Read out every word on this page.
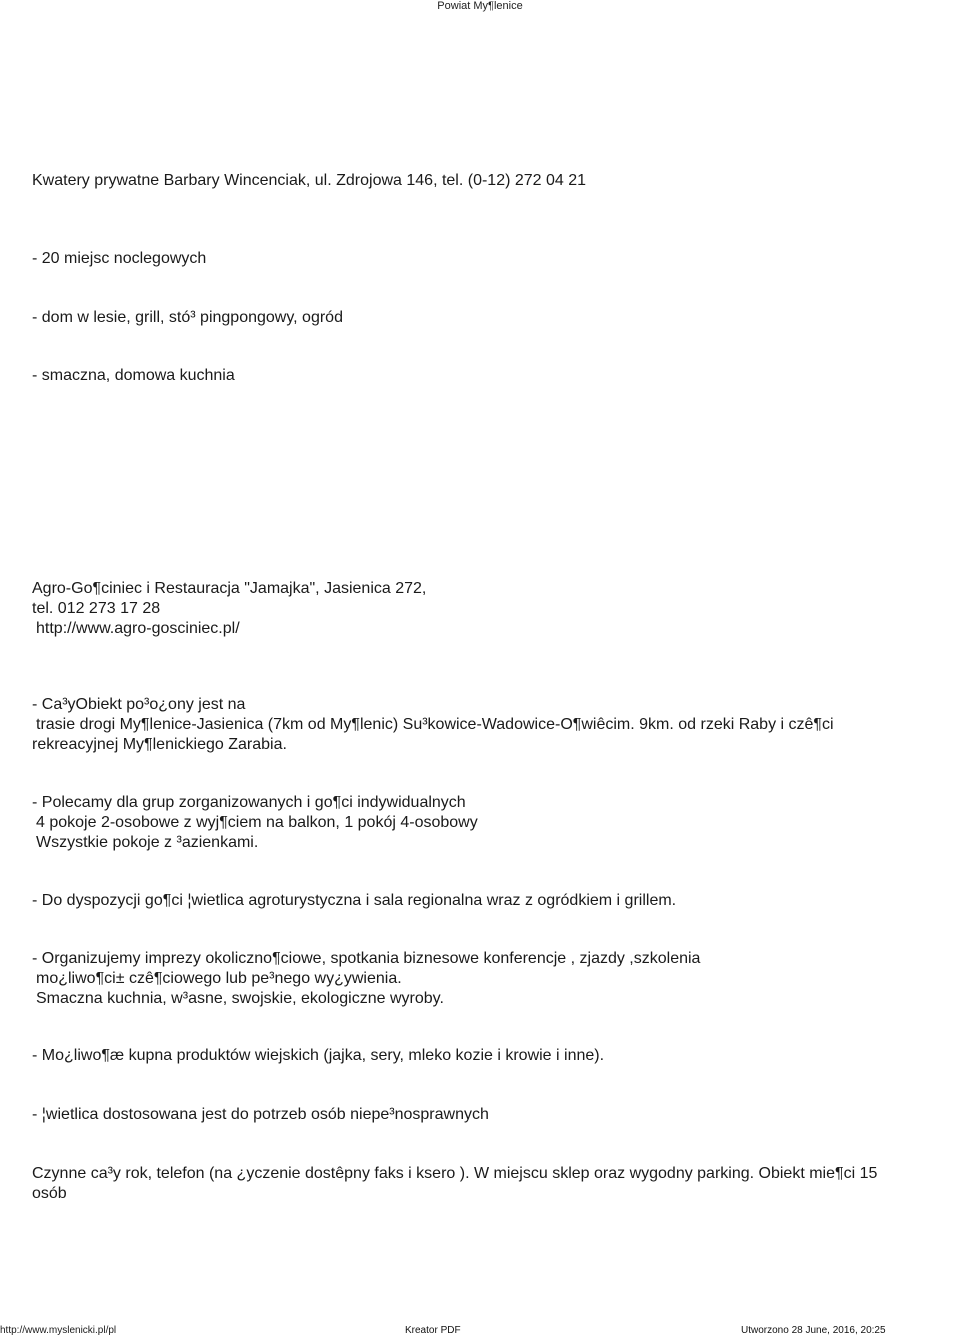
Powiat My¶lenice
Kwatery prywatne Barbary Wincenciak, ul. Zdrojowa 146, tel. (0-12) 272 04 21
- 20 miejsc noclegowych
- dom w lesie, grill, stó³ pingpongowy, ogród
- smaczna, domowa kuchnia
Agro-Go¶ciniec i Restauracja "Jamajka", Jasienica 272,
tel. 012 273 17 28
http://www.agro-gosciniec.pl/
- Ca³yObiekt po³o¿ony jest na
trasie drogi My¶lenice-Jasienica (7km od My¶lenic) Su³kowice-Wadowice-O¶wiêcim. 9km. od rzeki Raby i czê¶ci
rekreacyjnej My¶lenickiego Zarabia.
- Polecamy dla grup zorganizowanych i go¶ci indywidualnych
4 pokoje 2-osobowe z wyj¶ciem na balkon, 1 pokój 4-osobowy
Wszystkie pokoje z ³azienkami.
- Do dyspozycji go¶ci ¦wietlica agroturystyczna i sala regionalna wraz z ogródkiem i grillem.
- Organizujemy imprezy okoliczno¶ciowe, spotkania biznesowe konferencje , zjazdy ,szkolenia
mo¿liwo¶ci± czê¶ciowego lub pe³nego wy¿ywienia.
Smaczna kuchnia, w³asne, swojskie, ekologiczne wyroby.
- Mo¿liwo¶æ kupna produktów wiejskich (jajka, sery, mleko kozie i krowie i inne).
- ¦wietlica dostosowana jest do potrzeb osób niepe³nosprawnych
Czynne ca³y rok, telefon (na ¿yczenie dostêpny faks i ksero ). W miejscu sklep oraz wygodny parking. Obiekt mie¶ci 15
osób
http://www.myslenicki.pl/pl	Kreator PDF	Utworzono 28 June, 2016, 20:25
